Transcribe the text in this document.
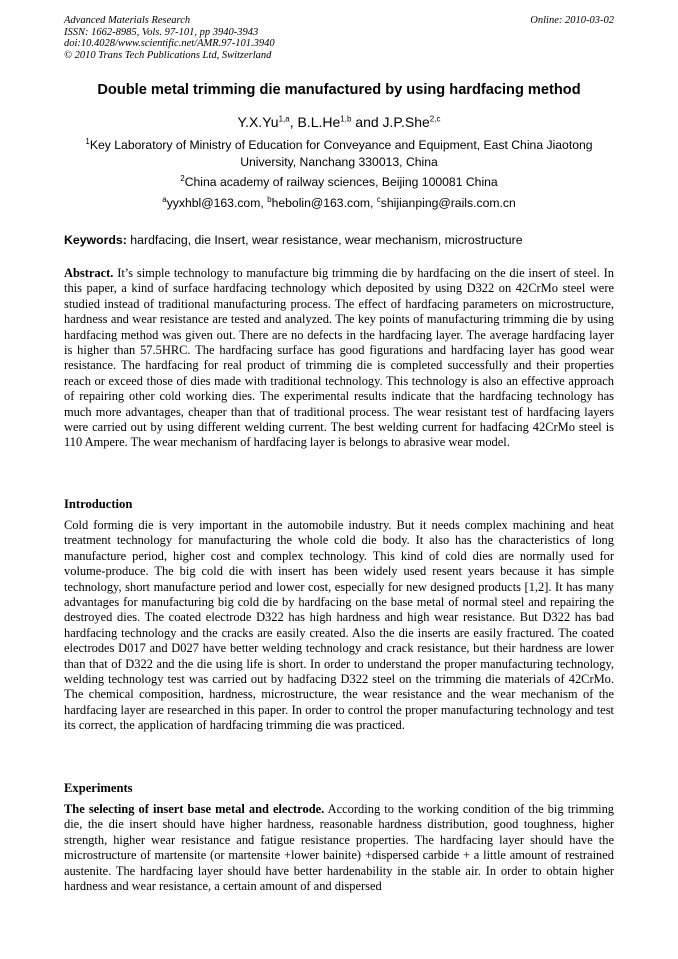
Advanced Materials Research
ISSN: 1662-8985, Vols. 97-101, pp 3940-3943
doi:10.4028/www.scientific.net/AMR.97-101.3940
© 2010 Trans Tech Publications Ltd, Switzerland
Online: 2010-03-02
Double metal trimming die manufactured by using hardfacing method
Y.X.Yu$^{1,a}$, B.L.He$^{1,b}$ and J.P.She$^{2,c}$
$^1$Key Laboratory of Ministry of Education for Conveyance and Equipment, East China Jiaotong University, Nanchang 330013, China
$^2$China academy of railway sciences, Beijing 100081 China
$^a$yyxhbl@163.com, $^b$hebolin@163.com, $^c$shijianping@rails.com.cn
Keywords: hardfacing, die Insert, wear resistance, wear mechanism, microstructure
Abstract. It’s simple technology to manufacture big trimming die by hardfacing on the die insert of steel. In this paper, a kind of surface hardfacing technology which deposited by using D322 on 42CrMo steel were studied instead of traditional manufacturing process. The effect of hardfacing parameters on microstructure, hardness and wear resistance are tested and analyzed. The key points of manufacturing trimming die by using hardfacing method was given out. There are no defects in the hardfacing layer. The average hardfacing layer is higher than 57.5HRC. The hardfacing surface has good figurations and hardfacing layer has good wear resistance. The hardfacing for real product of trimming die is completed successfully and their properties reach or exceed those of dies made with traditional technology. This technology is also an effective approach of repairing other cold working dies. The experimental results indicate that the hardfacing technology has much more advantages, cheaper than that of traditional process. The wear resistant test of hardfacing layers were carried out by using different welding current. The best welding current for hadfacing 42CrMo steel is 110 Ampere. The wear mechanism of hardfacing layer is belongs to abrasive wear model.
Introduction
Cold forming die is very important in the automobile industry. But it needs complex machining and heat treatment technology for manufacturing the whole cold die body. It also has the characteristics of long manufacture period, higher cost and complex technology. This kind of cold dies are normally used for volume-produce. The big cold die with insert has been widely used resent years because it has simple technology, short manufacture period and lower cost, especially for new designed products [1,2]. It has many advantages for manufacturing big cold die by hardfacing on the base metal of normal steel and repairing the destroyed dies. The coated electrode D322 has high hardness and high wear resistance. But D322 has bad hardfacing technology and the cracks are easily created. Also the die inserts are easily fractured. The coated electrodes D017 and D027 have better welding technology and crack resistance, but their hardness are lower than that of D322 and the die using life is short. In order to understand the proper manufacturing technology, welding technology test was carried out by hadfacing D322 steel on the trimming die materials of 42CrMo. The chemical composition, hardness, microstructure, the wear resistance and the wear mechanism of the hardfacing layer are researched in this paper. In order to control the proper manufacturing technology and test its correct, the application of hardfacing trimming die was practiced.
Experiments
The selecting of insert base metal and electrode. According to the working condition of the big trimming die, the die insert should have higher hardness, reasonable hardness distribution, good toughness, higher strength, higher wear resistance and fatigue resistance properties. The hardfacing layer should have the microstructure of martensite (or martensite +lower bainite) +dispersed carbide + a little amount of restrained austenite. The hardfacing layer should have better hardenability in the stable air. In order to obtain higher hardness and wear resistance, a certain amount of and dispersed
